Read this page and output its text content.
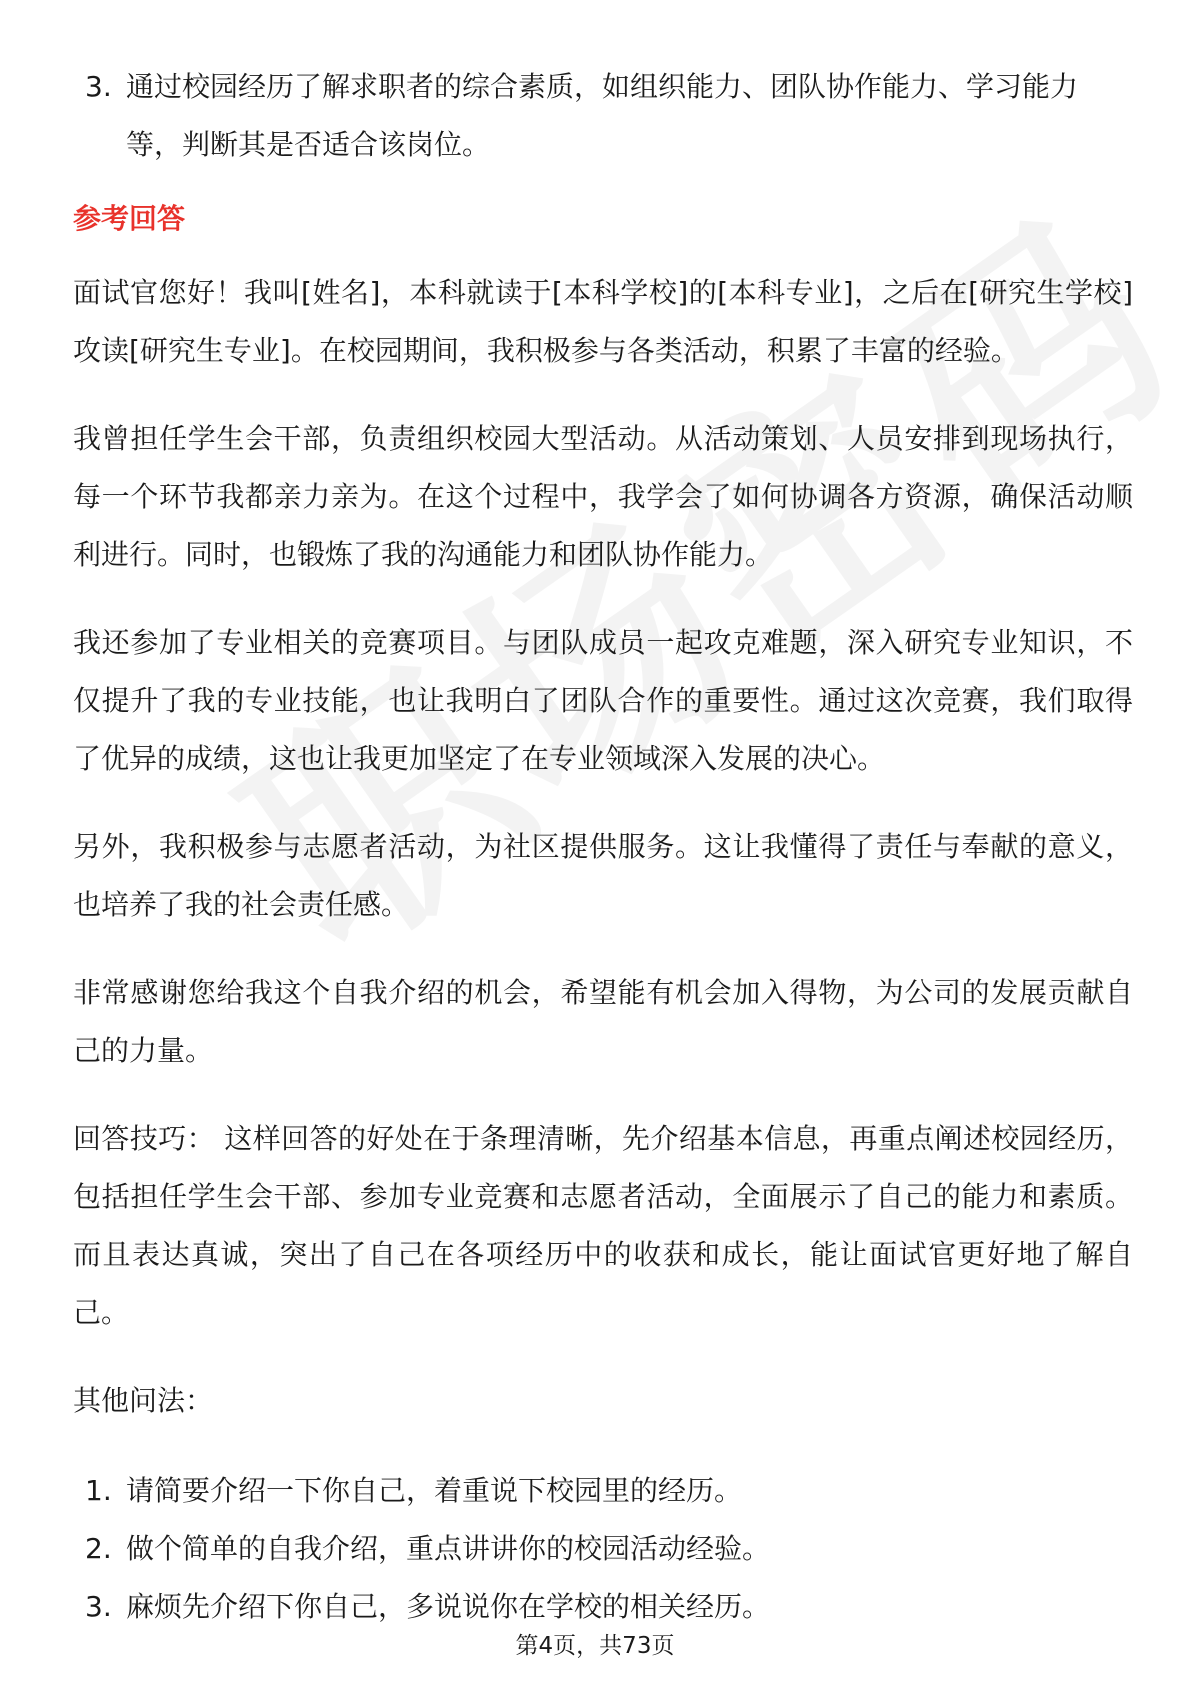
3. 通过校园经历了解求职者的综合素质，如组织能力、团队协作能力、学习能力等，判断其是否适合该岗位。
参考回答
面试官您好！我叫[姓名]，本科就读于[本科学校]的[本科专业]，之后在[研究生学校]攻读[研究生专业]。在校园期间，我积极参与各类活动，积累了丰富的经验。
我曾担任学生会干部，负责组织校园大型活动。从活动策划、人员安排到现场执行，每一个环节我都亲力亲为。在这个过程中，我学会了如何协调各方资源，确保活动顺利进行。同时，也锻炼了我的沟通能力和团队协作能力。
我还参加了专业相关的竞赛项目。与团队成员一起攻克难题，深入研究专业知识，不仅提升了我的专业技能，也让我明白了团队合作的重要性。通过这次竞赛，我们取得了优异的成绩，这也让我更加坚定了在专业领域深入发展的决心。
另外，我积极参与志愿者活动，为社区提供服务。这让我懂得了责任与奉献的意义，也培养了我的社会责任感。
非常感谢您给我这个自我介绍的机会，希望能有机会加入得物，为公司的发展贡献自己的力量。
回答技巧： 这样回答的好处在于条理清晰，先介绍基本信息，再重点阐述校园经历，包括担任学生会干部、参加专业竞赛和志愿者活动，全面展示了自己的能力和素质。而且表达真诚，突出了自己在各项经历中的收获和成长，能让面试官更好地了解自己。
其他问法：
1. 请简要介绍一下你自己，着重说下校园里的经历。
2. 做个简单的自我介绍，重点讲讲你的校园活动经验。
3. 麻烦先介绍下你自己，多说说你在学校的相关经历。
第4页，共73页
